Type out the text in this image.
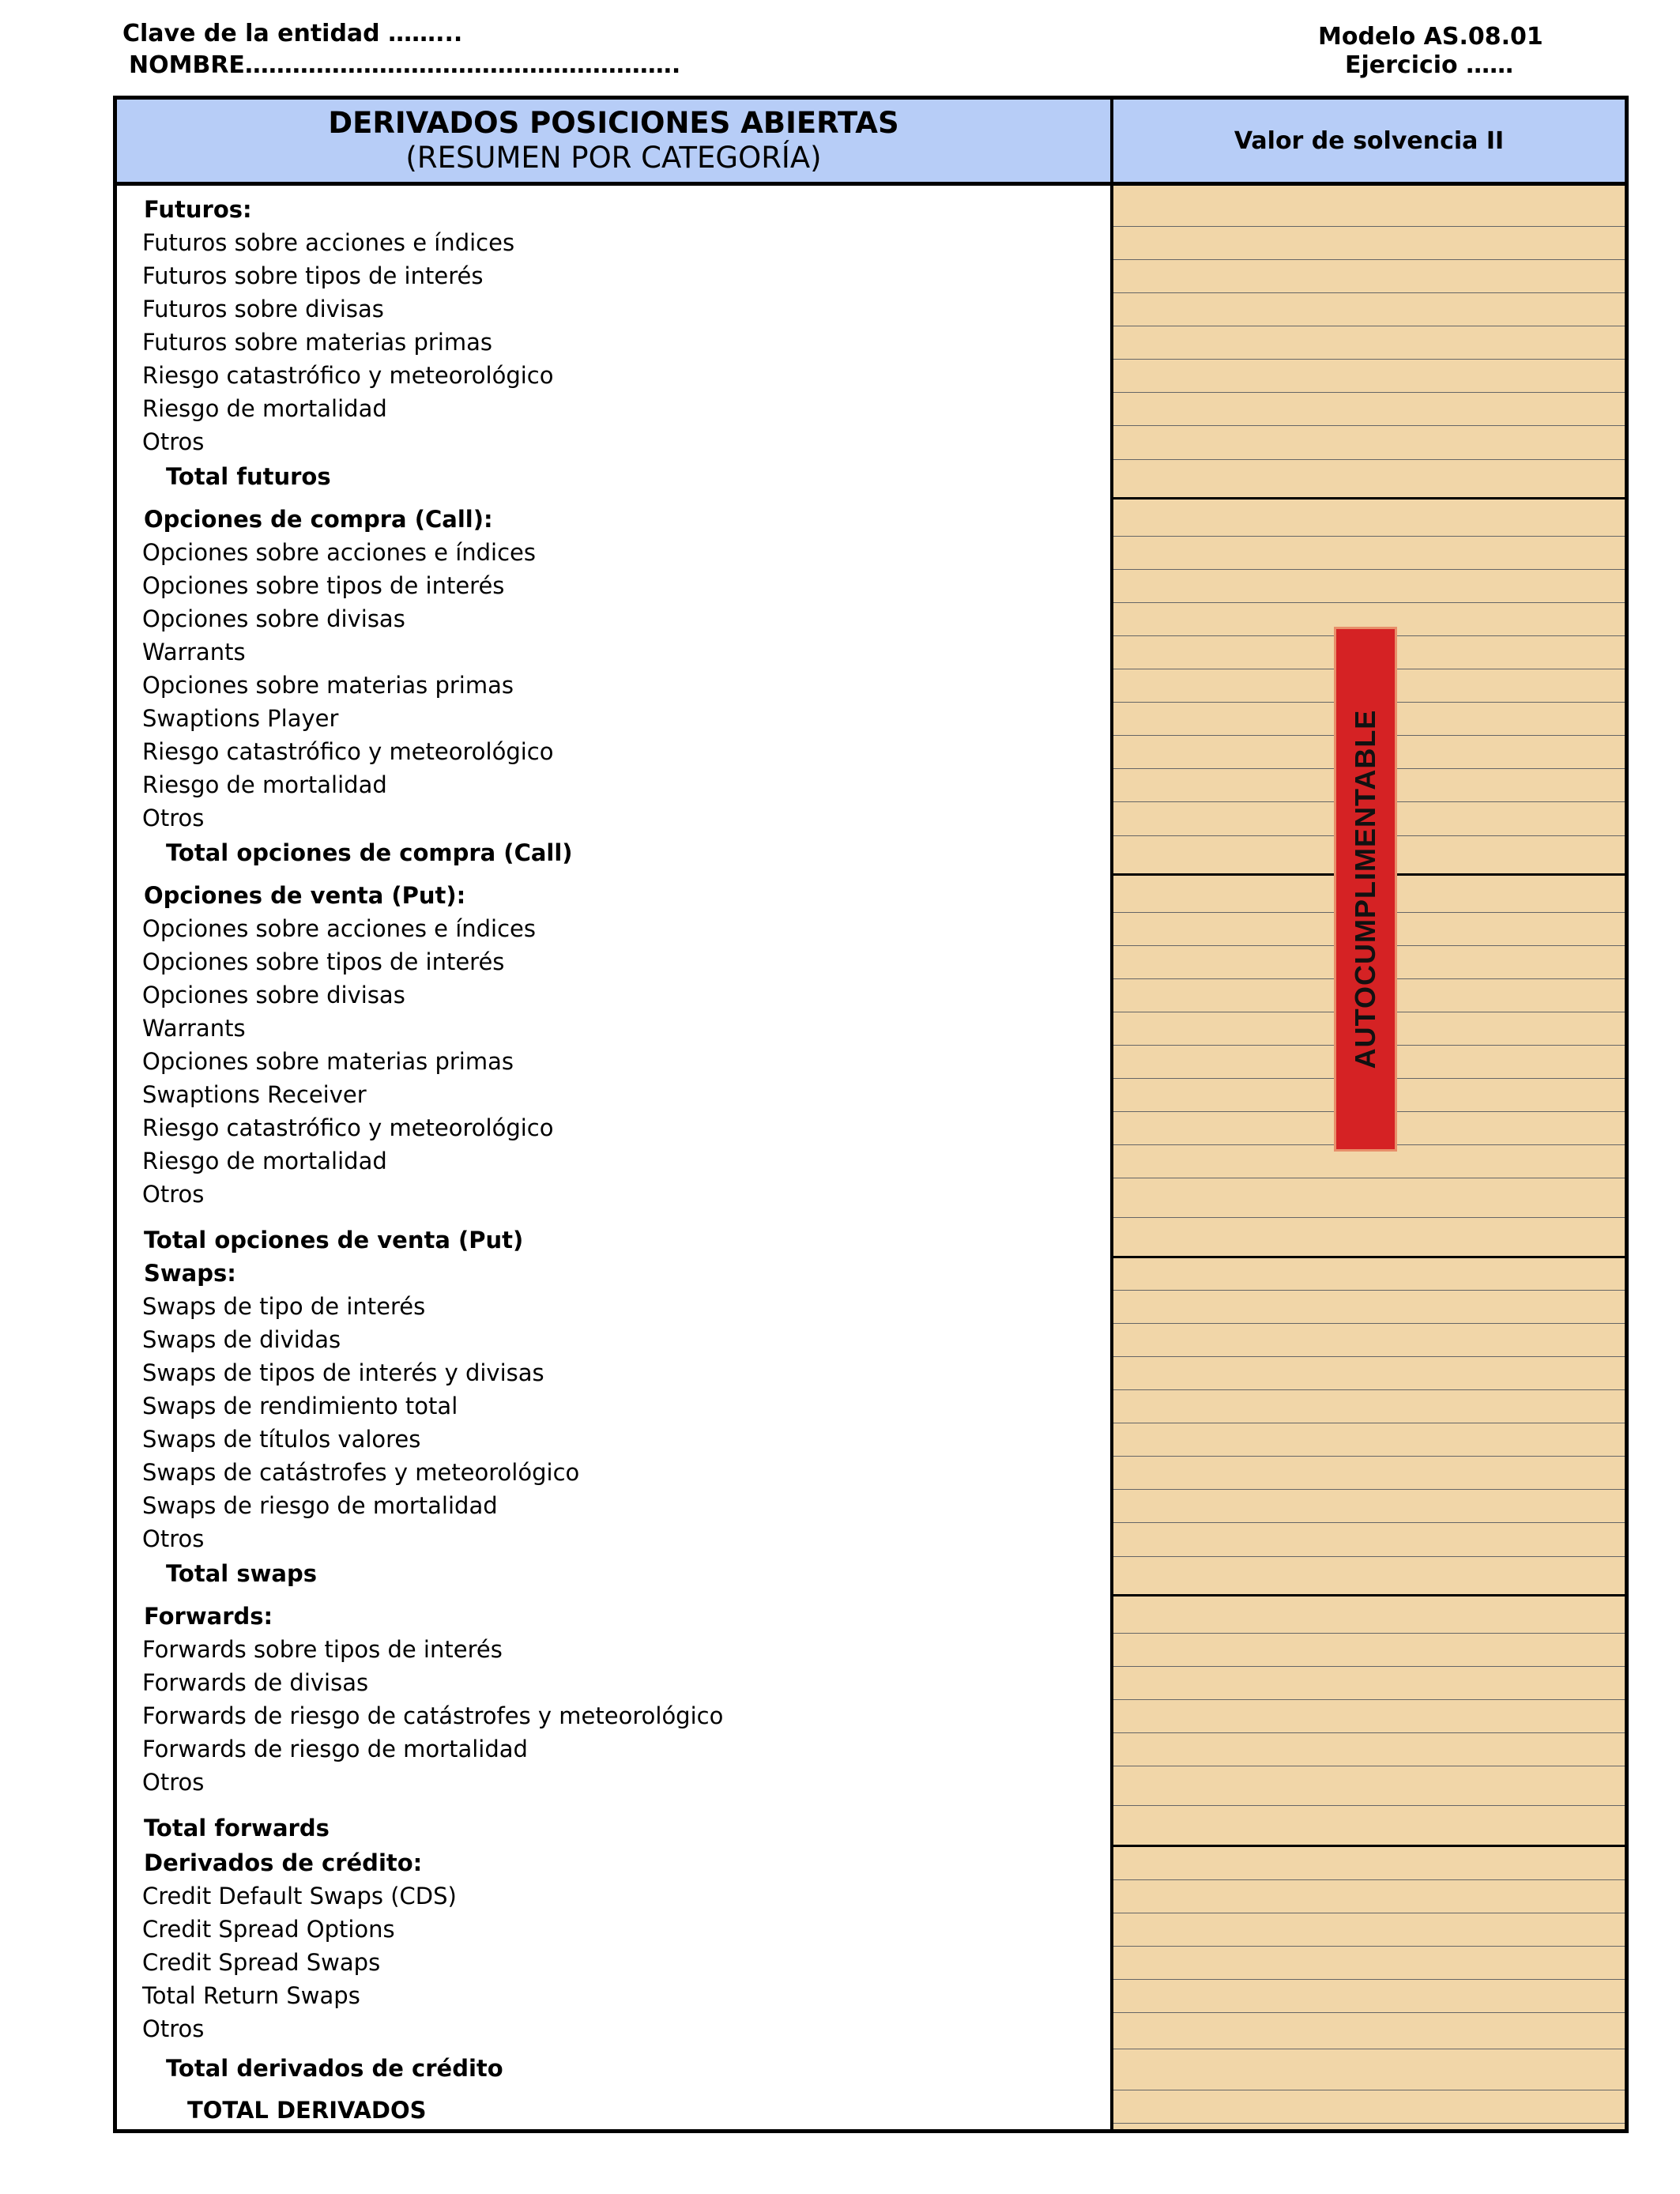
Clave de la entidad ……...
NOMBRE……………………………………………….
Modelo AS.08.01
Ejercicio ……
DERIVADOS POSICIONES ABIERTAS
(RESUMEN POR CATEGORÍA)	Valor de solvencia II
Futuros:
Futuros sobre acciones e índices
Futuros sobre tipos de interés
Futuros sobre divisas
Futuros sobre materias primas
Riesgo catastrófico y meteorológico
Riesgo de mortalidad
Otros
Total futuros
Opciones de compra (Call):
Opciones sobre acciones e índices
Opciones sobre tipos de interés
Opciones sobre divisas
Warrants
Opciones sobre materias primas
Swaptions Player
Riesgo catastrófico y meteorológico
Riesgo de mortalidad
Otros
Total opciones de compra (Call)
Opciones de venta (Put):
Opciones sobre acciones e índices
Opciones sobre tipos de interés
Opciones sobre divisas
Warrants
Opciones sobre materias primas
Swaptions Receiver
Riesgo catastrófico y meteorológico
Riesgo de mortalidad
Otros
Total opciones de venta (Put)
Swaps:
Swaps de tipo de interés
Swaps de dividas
Swaps de tipos de interés y divisas
Swaps de rendimiento total
Swaps de títulos valores
Swaps de catástrofes y meteorológico
Swaps de riesgo de mortalidad
Otros
Total swaps
Forwards:
Forwards sobre tipos de interés
Forwards de divisas
Forwards de riesgo de catástrofes y meteorológico
Forwards de riesgo de mortalidad
Otros
Total forwards
Derivados de crédito:
Credit Default Swaps (CDS)
Credit Spread Options
Credit Spread Swaps
Total Return Swaps
Otros
Total derivados de crédito
TOTAL DERIVADOS
AUTOCUMPLIMENTABLE
